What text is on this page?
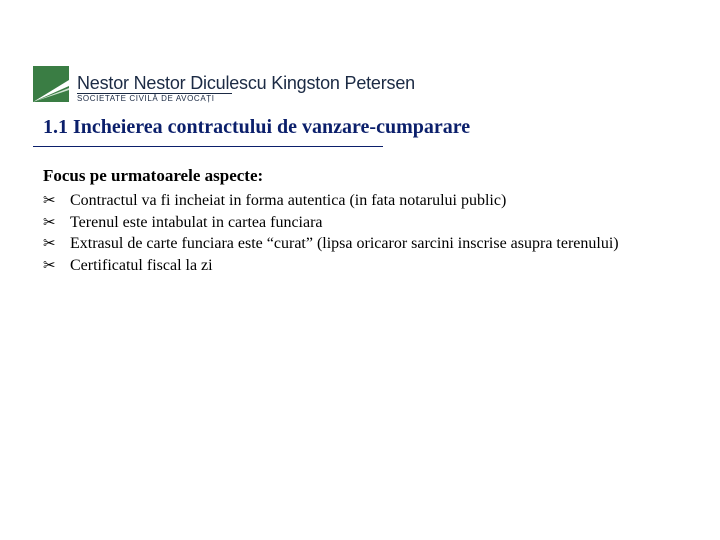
Nestor Nestor Diculescu Kingston Petersen
SOCIETATE CIVILĂ DE AVOCAȚI
1.1 Incheierea contractului de vanzare-cumparare
Focus pe urmatoarele aspecte:
✂ Contractul va fi incheiat in forma autentica (in fata notarului public)
✂ Terenul este intabulat in cartea funciara
✂ Extrasul de carte funciara este “curat” (lipsa oricaror sarcini inscrise asupra terenului)
✂ Certificatul fiscal la zi
